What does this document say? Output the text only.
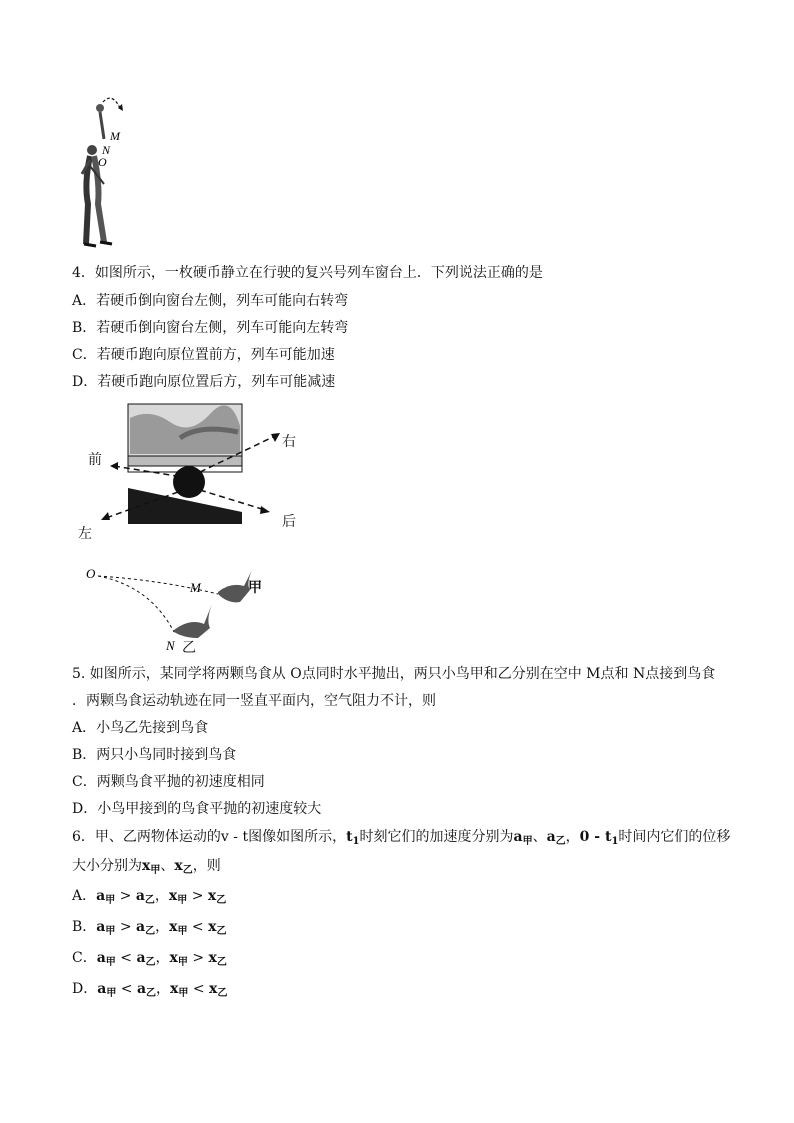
M
N
O
4．如图所示，一枚硬币静立在行驶的复兴号列车窗台上．下列说法正确的是
A．若硬币倒向窗台左侧，列车可能向右转弯
B．若硬币倒向窗台左侧，列车可能向左转弯
C．若硬币跑向原位置前方，列车可能加速
D．若硬币跑向原位置后方，列车可能减速
前
右
左
后
O
M	甲
N 乙
5. 如图所示，某同学将两颗鸟食从 O点同时水平抛出，两只小鸟甲和乙分别在空中 M点和 N点接到鸟食
．两颗鸟食运动轨迹在同一竖直平面内，空气阻力不计，则
A．小鸟乙先接到鸟食
B．两只小鸟同时接到鸟食
C．两颗鸟食平抛的初速度相同
D．小鸟甲接到的鸟食平抛的初速度较大
6．甲、乙两物体运动的v - t图像如图所示，$t_1$时刻它们的加速度分别为$a_甲$、$a_乙$，$0 - t_1$时间内它们的位移
大小分别为$x_甲$、$x_乙$，则
A．$a_甲 > a_乙$，$x_甲 > x_乙$
B．$a_甲 > a_乙$，$x_甲 < x_乙$
C．$a_甲 < a_乙$，$x_甲 > x_乙$
D．$a_甲 < a_乙$，$x_甲 < x_乙$
